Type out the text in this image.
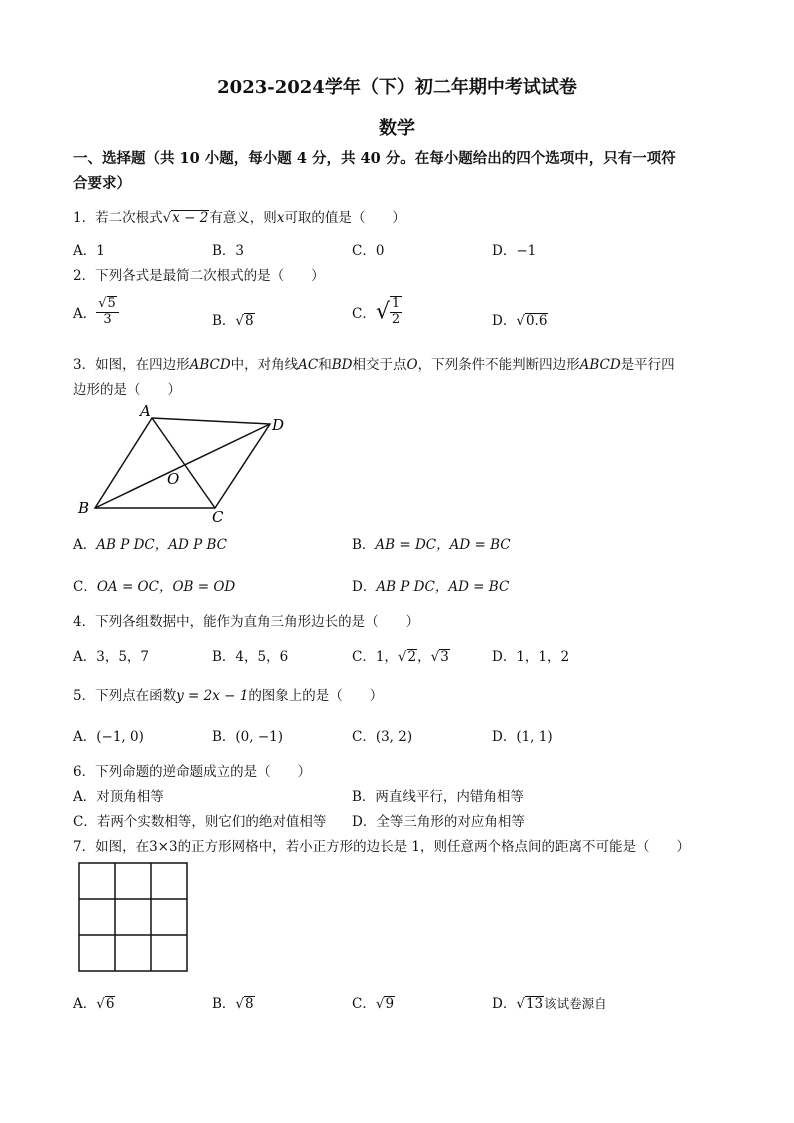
2023-2024学年（下）初二年期中考试试卷
数学
一、选择题（共 10 小题，每小题 4 分，共 40 分。在每小题给出的四个选项中，只有一项符
合要求）
1．若二次根式√x − 2有意义，则x可取的值是（　　）
A．1	B．3	C．0	D．−1
2．下列各式是最简二次根式的是（　　）
A． $\frac{√5}{3}$	B．√8	C．√ $\frac{1}{2}$	D．√0.6
3．如图，在四边形ABCD中，对角线AC和BD相交于点O，下列条件不能判断四边形ABCD是平行四
边形的是（　　）
A
D
B	C
O
A．AB P DC，AD P BC	B．AB = DC，AD = BC
C．OA = OC，OB = OD	D．AB P DC，AD = BC
4．下列各组数据中，能作为直角三角形边长的是（　　）
A．3，5，7	B．4，5，6	C．1，√2，√3	D．1，1，2
5．下列点在函数y = 2x − 1的图象上的是（　　）
A．(−1, 0)	B．(0, −1)	C．(3, 2)	D．(1, 1)
6．下列命题的逆命题成立的是（　　）
A．对顶角相等	B．两直线平行，内错角相等
C．若两个实数相等，则它们的绝对值相等 D．全等三角形的对应角相等
7．如图，在3×3的正方形网格中，若小正方形的边长是 1，则任意两个格点间的距离不可能是（　　）
A．√6	B．√8	C．√9	D．√13该试卷源自
